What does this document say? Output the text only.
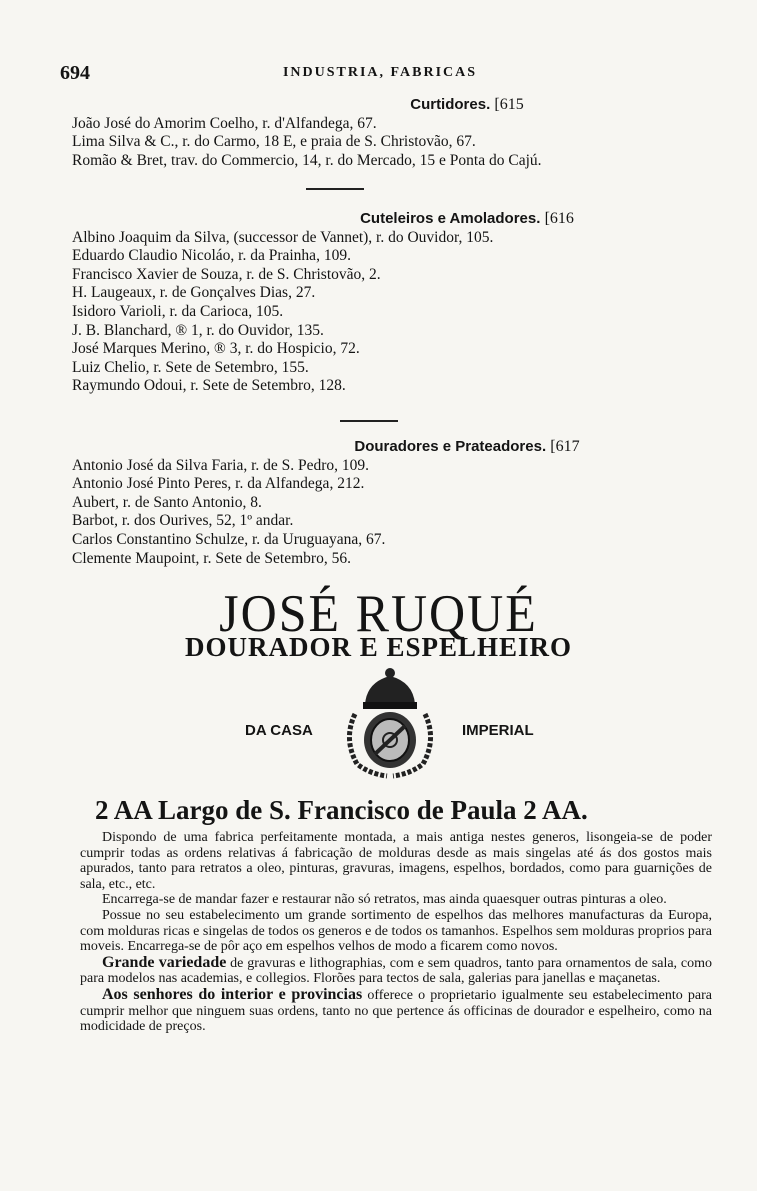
694	INDUSTRIA, FABRICAS
Curtidores. [615
João José do Amorim Coelho, r. d'Alfandega, 67.
Lima Silva & C., r. do Carmo, 18 E, e praia de S. Christovão, 67.
Romão & Bret, trav. do Commercio, 14, r. do Mercado, 15 e Ponta do Cajú.
Cuteleiros e Amoladores. [616
Albino Joaquim da Silva, (successor de Vannet), r. do Ouvidor, 105.
Eduardo Claudio Nicoláo, r. da Prainha, 109.
Francisco Xavier de Souza, r. de S. Christovão, 2.
H. Laugeaux, r. de Gonçalves Dias, 27.
Isidoro Varioli, r. da Carioca, 105.
J. B. Blanchard, ® 1, r. do Ouvidor, 135.
José Marques Merino, ® 3, r. do Hospicio, 72.
Luiz Chelio, r. Sete de Setembro, 155.
Raymundo Odoui, r. Sete de Setembro, 128.
Douradores e Prateadores. [617
Antonio José da Silva Faria, r. de S. Pedro, 109.
Antonio José Pinto Peres, r. da Alfandega, 212.
Aubert, r. de Santo Antonio, 8.
Barbot, r. dos Ourives, 52, 1º andar.
Carlos Constantino Schulze, r. da Uruguayana, 67.
Clemente Maupoint, r. Sete de Setembro, 56.
JOSÉ RUQUÉ
DOURADOR E ESPELHEIRO
DA CASA	IMPERIAL
2 AA Largo de S. Francisco de Paula 2 AA.

Dispondo de uma fabrica perfeitamente montada, a mais antiga nestes generos, lisongeia-se de poder cumprir todas as ordens relativas á fabricação de molduras desde as mais singelas até ás dos gostos mais apurados, tanto para retratos a oleo, pinturas, gravuras, imagens, espelhos, bordados, como para guarnições de sala, etc., etc.

Encarrega-se de mandar fazer e restaurar não só retratos, mas ainda quaesquer outras pinturas a oleo.

Possue no seu estabelecimento um grande sortimento de espelhos das melhores manufacturas da Europa, com molduras ricas e singelas de todos os generos e de todos os tamanhos. Espelhos sem molduras proprios para moveis. Encarrega-se de pôr aço em espelhos velhos de modo a ficarem como novos.

Grande variedade de gravuras e lithographias, com e sem quadros, tanto para ornamentos de sala, como para modelos nas academias, e collegios. Florões para tectos de sala, galerias para janellas e maçanetas.

Aos senhores do interior e provincias offerece o proprietario igualmente seu estabelecimento para cumprir melhor que ninguem suas ordens, tanto no que pertence ás officinas de dourador e espelheiro, como na modicidade de preços.
